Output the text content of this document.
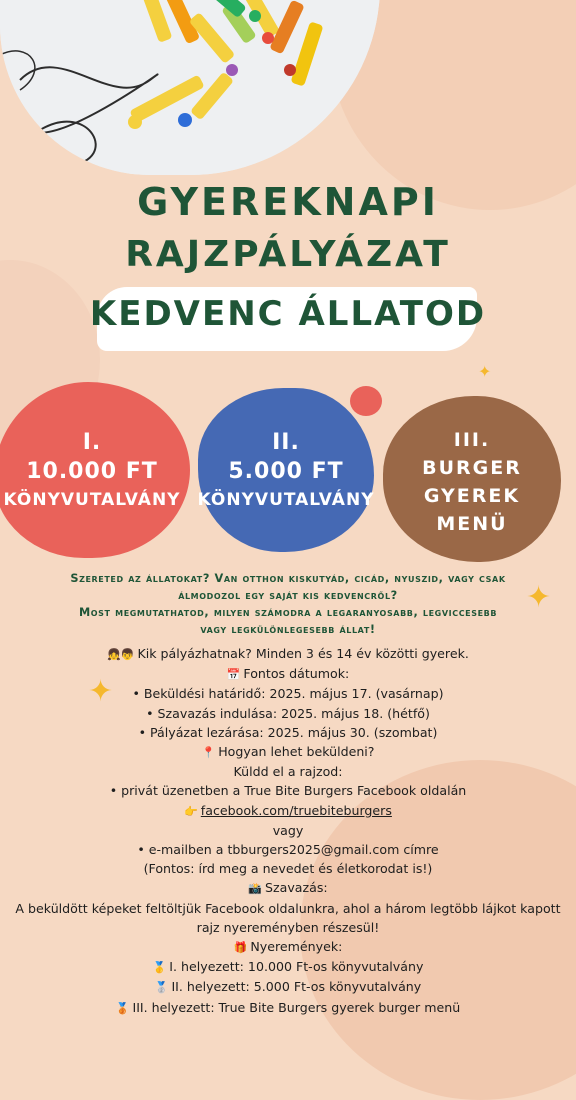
GYEREKNAPI
RAJZPÁLYÁZAT
KEDVENC ÁLLATOD
✦
✦
✦
I.
10.000 FT
KÖNYVUTALVÁNY
II.
5.000 FT
KÖNYVUTALVÁNY
III.
BURGER
GYEREK
MENÜ

Szereted az állatokat? Van otthon kiskutyád, cicád, nyuszid, vagy csak

álmodozol egy saját kis kedvencről?

Most megmutathatod, milyen számodra a legaranyosabb, legviccesebb

vagy legkülönlegesebb állat!

👧👦 Kik pályázhatnak? Minden 3 és 14 év közötti gyerek.

📅 Fontos dátumok:

• Beküldési határidő: 2025. május 17. (vasárnap)

• Szavazás indulása: 2025. május 18. (hétfő)

• Pályázat lezárása: 2025. május 30. (szombat)

📍 Hogyan lehet beküldeni?

Küldd el a rajzod:

• privát üzenetben a True Bite Burgers Facebook oldalán

👉 facebook.com/truebiteburgers

vagy

• e-mailben a tbburgers2025@gmail.com címre

(Fontos: írd meg a nevedet és életkorodat is!)

📸 Szavazás:

A beküldött képeket feltöltjük Facebook oldalunkra, ahol a három legtöbb lájkot kapott

rajz nyereményben részesül!

🎁 Nyeremények:

🥇 I. helyezett: 10.000 Ft-os könyvutalvány

🥈 II. helyezett: 5.000 Ft-os könyvutalvány

🥉 III. helyezett: True Bite Burgers gyerek burger menü
